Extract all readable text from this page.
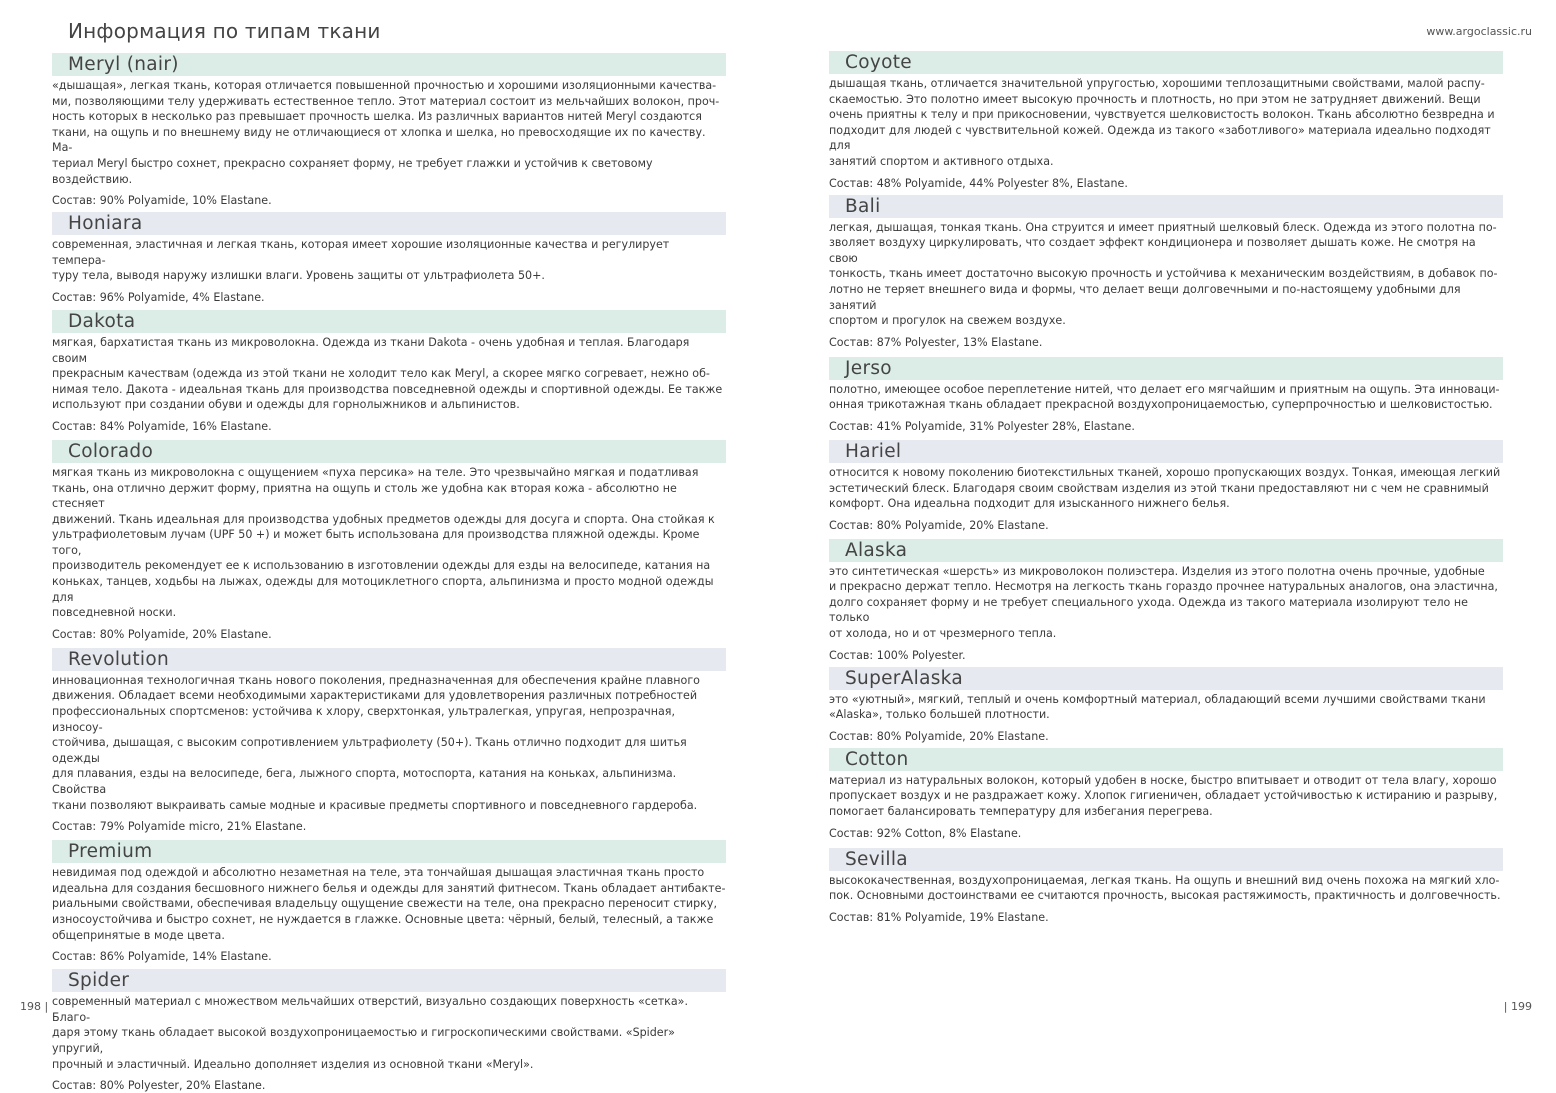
Информация по типам ткани	www.argoclassic.ru
Meryl (nair)
«дышащая», легкая ткань, которая отличается повышенной прочностью и хорошими изоляционными качества-
ми, позволяющими телу удерживать естественное тепло. Этот материал состоит из мельчайших волокон, проч-
ность которых в несколько раз превышает прочность шелка. Из различных вариантов нитей Meryl создаются
ткани, на ощупь и по внешнему виду не отличающиеся от хлопка и шелка, но превосходящие их по качеству. Ма-
териал Meryl быстро сохнет, прекрасно сохраняет форму, не требует глажки и устойчив к световому воздействию.
Состав: 90% Polyamide, 10% Elastane.
Honiara
современная, эластичная и легкая ткань, которая имеет хорошие изоляционные качества и регулирует темпера-
туру тела, выводя наружу излишки влаги. Уровень защиты от ультрафиолета 50+.
Состав: 96% Polyamide, 4% Elastane.
Dakota
мягкая, бархатистая ткань из микроволокна. Одежда из ткани Dakota - очень удобная и теплая. Благодаря своим
прекрасным качествам (одежда из этой ткани не холодит тело как Meryl, а скорее мягко согревает, нежно об-
нимая тело. Дакота - идеальная ткань для производства повседневной одежды и спортивной одежды. Ее также
используют при создании обуви и одежды для горнолыжников и альпинистов.
Состав: 84% Polyamide, 16% Elastane.
Colorado
мягкая ткань из микроволокна с ощущением «пуха персика» на теле. Это чрезвычайно мягкая и податливая
ткань, она отлично держит форму, приятна на ощупь и столь же удобна как вторая кожа - абсолютно не стесняет
движений. Ткань идеальная для производства удобных предметов одежды для досуга и спорта. Она стойкая к
ультрафиолетовым лучам (UPF 50 +) и может быть использована для производства пляжной одежды. Кроме того,
производитель рекомендует ее к использованию в изготовлении одежды для езды на велосипеде, катания на
коньках, танцев, ходьбы на лыжах, одежды для мотоциклетного спорта, альпинизма и просто модной одежды для
повседневной носки.
Состав: 80% Polyamide, 20% Elastane.
Revolution
инновационная технологичная ткань нового поколения, предназначенная для обеспечения крайне плавного
движения. Обладает всеми необходимыми характеристиками для удовлетворения различных потребностей
профессиональных спортсменов: устойчива к хлору, сверхтонкая, ультралегкая, упругая, непрозрачная, износоу-
стойчива, дышащая, с высоким сопротивлением ультрафиолету (50+). Ткань отлично подходит для шитья одежды
для плавания, езды на велосипеде, бега, лыжного спорта, мотоспорта, катания на коньках, альпинизма. Свойства
ткани позволяют выкраивать самые модные и красивые предметы спортивного и повседневного гардероба.
Состав: 79% Polyamide micro, 21% Elastane.
Premium
невидимая под одеждой и абсолютно незаметная на теле, эта тончайшая дышащая эластичная ткань просто
идеальна для создания бесшовного нижнего белья и одежды для занятий фитнесом. Ткань обладает антибакте-
риальными свойствами, обеспечивая владельцу ощущение свежести на теле, она прекрасно переносит стирку,
износоустойчива и быстро сохнет, не нуждается в глажке. Основные цвета: чёрный, белый, телесный, а также
общепринятые в моде цвета.
Состав: 86% Polyamide, 14% Elastane.
Spider
современный материал с множеством мельчайших отверстий, визуально создающих поверхность «сетка». Благо-
даря этому ткань обладает высокой воздухопроницаемостью и гигроскопическими свойствами. «Spider» упругий,
прочный и эластичный. Идеально дополняет изделия из основной ткани «Meryl».
Состав: 80% Polyester, 20% Elastane.
Coyote
дышащая ткань, отличается значительной упругостью, хорошими теплозащитными свойствами, малой распу-
скаемостью. Это полотно имеет высокую прочность и плотность, но при этом не затрудняет движений. Вещи
очень приятны к телу и при прикосновении, чувствуется шелковистость волокон. Ткань абсолютно безвредна и
подходит для людей с чувствительной кожей. Одежда из такого «заботливого» материала идеально подходят для
занятий спортом и активного отдыха.
Состав: 48% Polyamide, 44% Polyester 8%, Elastane.
Bali
легкая, дышащая, тонкая ткань. Она струится и имеет приятный шелковый блеск. Одежда из этого полотна по-
зволяет воздуху циркулировать, что создает эффект кондиционера и позволяет дышать коже. Не смотря на свою
тонкость, ткань имеет достаточно высокую прочность и устойчива к механическим воздействиям, в добавок по-
лотно не теряет внешнего вида и формы, что делает вещи долговечными и по-настоящему удобными для занятий
спортом и прогулок на свежем воздухе.
Состав: 87% Polyester, 13% Elastane.
Jerso
полотно, имеющее особое переплетение нитей, что делает его мягчайшим и приятным на ощупь. Эта инноваци-
онная трикотажная ткань обладает прекрасной воздухопроницаемостью, суперпрочностью и шелковистостью.
Состав: 41% Polyamide, 31% Polyester 28%, Elastane.
Hariel
относится к новому поколению биотекстильных тканей, хорошо пропускающих воздух. Тонкая, имеющая легкий
эстетический блеск. Благодаря своим свойствам изделия из этой ткани предоставляют ни с чем не сравнимый
комфорт. Она идеальна подходит для изысканного нижнего белья.
Состав: 80% Polyamide, 20% Elastane.
Alaska
это синтетическая «шерсть» из микроволокон полиэстера. Изделия из этого полотна очень прочные, удобные
и прекрасно держат тепло. Несмотря на легкость ткань гораздо прочнее натуральных аналогов, она эластична,
долго сохраняет форму и не требует специального ухода. Одежда из такого материала изолируют тело не только
от холода, но и от чрезмерного тепла.
Состав: 100% Polyester.
SuperAlaska
это «уютный», мягкий, теплый и очень комфортный материал, обладающий всеми лучшими свойствами ткани
«Alaska», только большей плотности.
Состав: 80% Polyamide, 20% Elastane.
Cotton
материал из натуральных волокон, который удобен в носке, быстро впитывает и отводит от тела влагу, хорошо
пропускает воздух и не раздражает кожу. Хлопок гигиеничен, обладает устойчивостью к истиранию и разрыву,
помогает балансировать температуру для избегания перегрева.
Состав: 92% Cotton, 8% Elastane.
Sevilla
высококачественная, воздухопроницаемая, легкая ткань. На ощупь и внешний вид очень похожа на мягкий хло-
пок. Основными достоинствами ее считаются прочность, высокая растяжимость, практичность и долговечность.
Состав: 81% Polyamide, 19% Elastane.
198 |	| 199
